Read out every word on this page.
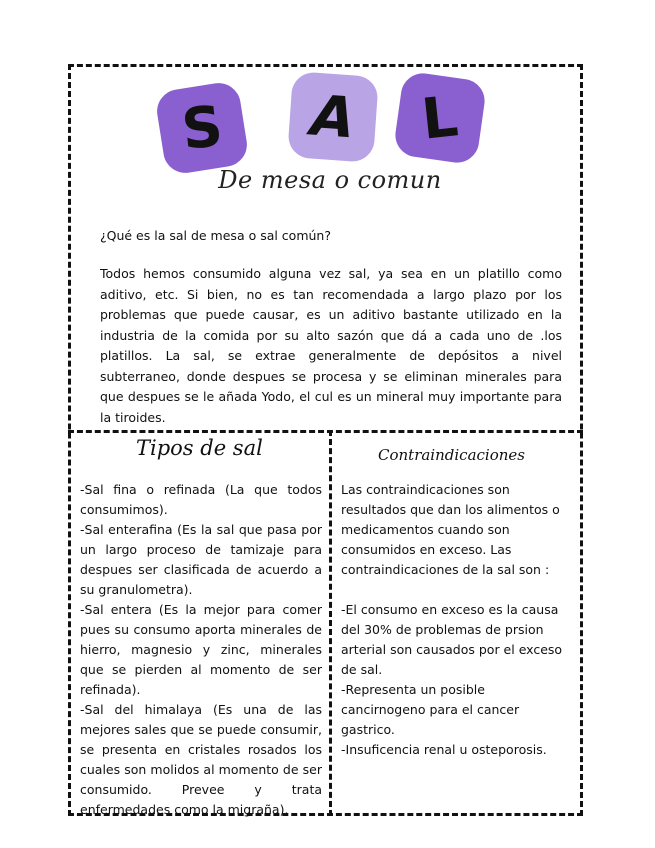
S A L
De mesa o comun
¿Qué es la sal de mesa o sal común?

Todos hemos consumido alguna vez sal, ya sea en un platillo como aditivo, etc. Si bien, no es tan recomendada a largo plazo por los problemas que puede causar, es un aditivo bastante utilizado en la industria de la comida por su alto sazón que dá a cada uno de .los platillos. La sal, se extrae generalmente de depósitos a nivel subterraneo, donde despues se procesa y se eliminan minerales para que despues se le añada Yodo, el cul es un mineral muy importante para la tiroides.

Tipos de sal	Contraindicaciones

-Sal fina o refinada (La que todos consumimos).

-Sal enterafina (Es la sal que pasa por un largo proceso de tamizaje para despues ser clasificada de acuerdo a su granulometra).

-Sal entera (Es la mejor para comer pues su consumo aporta minerales de hierro, magnesio y zinc, minerales que se pierden al momento de ser refinada).

-Sal del himalaya (Es una de las mejores sales que se puede consumir, se presenta en cristales rosados los cuales son molidos al momento de ser consumido. Prevee y trata enfermedades como la migraña).

Las contraindicaciones son resultados que dan los alimentos o medicamentos cuando son consumidos en exceso. Las contraindicaciones de la sal son :

-El consumo en exceso es la causa del 30% de problemas de prsion arterial son causados por el exceso de sal.

-Representa un posible cancirnogeno para el cancer gastrico.

-Insuficencia renal u osteporosis.
